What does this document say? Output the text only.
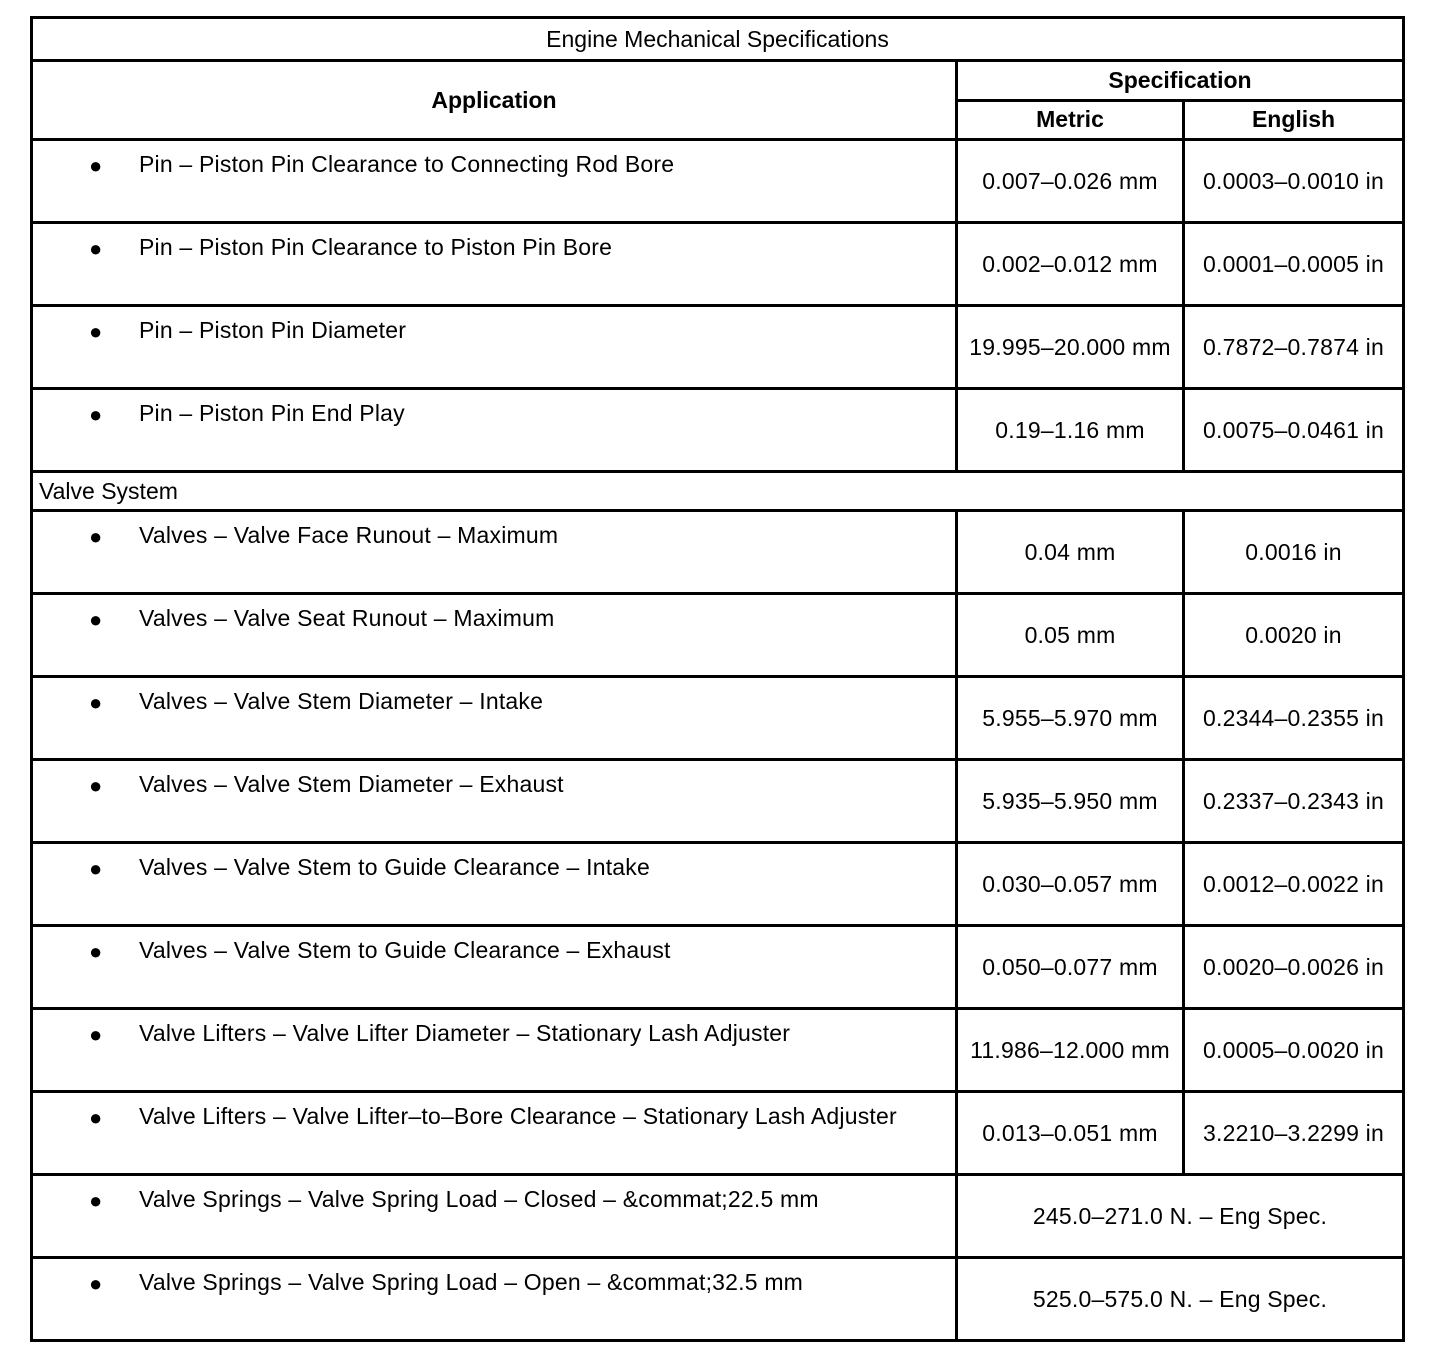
Engine Mechanical Specifications		
Application	Specification	
	Metric	English

● Pin – Piston Pin Clearance to Connecting Rod Bore	0.007–0.026 mm	0.0003–0.0010 in

● Pin – Piston Pin Clearance to Piston Pin Bore	0.002–0.012 mm	0.0001–0.0005 in

● Pin – Piston Pin Diameter	19.995–20.000 mm	0.7872–0.7874 in

● Pin – Piston Pin End Play	0.19–1.16 mm	0.0075–0.0461 in
Valve System		

● Valves – Valve Face Runout – Maximum	0.04 mm	0.0016 in

● Valves – Valve Seat Runout – Maximum	0.05 mm	0.0020 in

● Valves – Valve Stem Diameter – Intake	5.955–5.970 mm	0.2344–0.2355 in

● Valves – Valve Stem Diameter – Exhaust	5.935–5.950 mm	0.2337–0.2343 in

● Valves – Valve Stem to Guide Clearance – Intake	0.030–0.057 mm	0.0012–0.0022 in

● Valves – Valve Stem to Guide Clearance – Exhaust	0.050–0.077 mm	0.0020–0.0026 in

● Valve Lifters – Valve Lifter Diameter – Stationary Lash Adjuster	11.986–12.000 mm	0.0005–0.0020 in

● Valve Lifters – Valve Lifter–to–Bore Clearance – Stationary Lash Adjuster	0.013–0.051 mm	3.2210–3.2299 in

● Valve Springs – Valve Spring Load – Closed – &commat;22.5 mm	245.0–271.0 N. – Eng Spec.	

● Valve Springs – Valve Spring Load – Open – &commat;32.5 mm	525.0–575.0 N. – Eng Spec.	
